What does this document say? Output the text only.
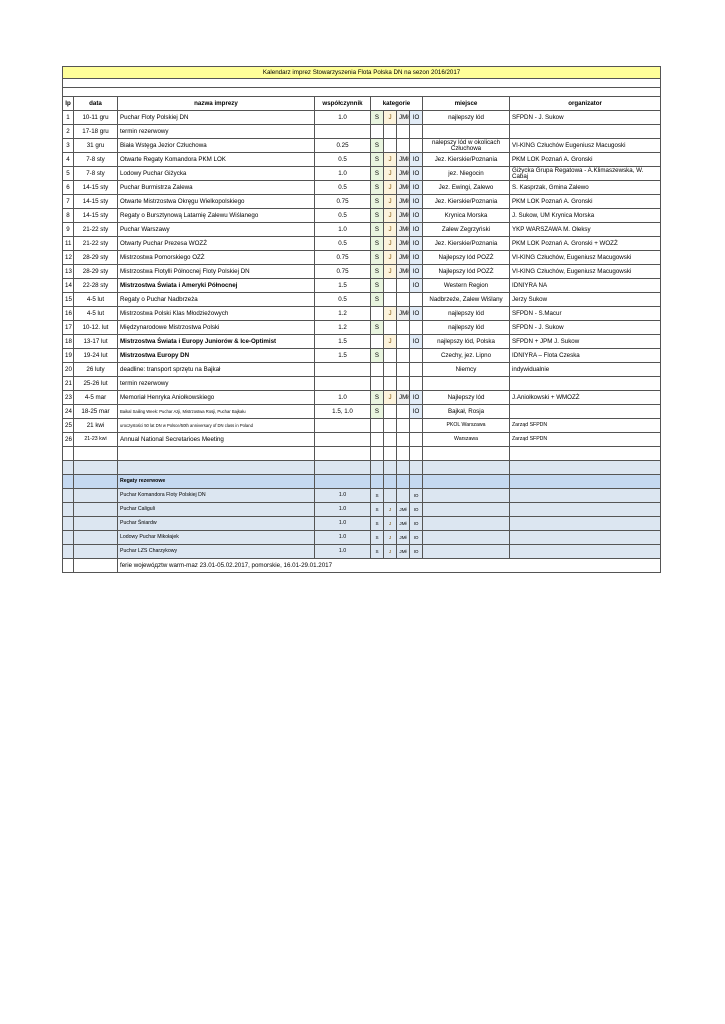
Kalendarz imprez Stowarzyszenia Flota Polska DN na sezon 2016/2017									

lp	data	nazwa imprezy	współczynnik	kategorie				miejsce	organizator
1	10-11 gru	Puchar Floty Polskiej DN	1.0	S	J	JMł	IO	najlepszy lód	SFPDN - J. Sukow
2	17-18 gru	termin rezerwowy							
3	31 gru	Biała Wstęga Jezior Człuchowa	0.25	S				nalepszy lód w okolicach Człuchowa	VI-KING Człuchów Eugeniusz Macugoski
4	7-8 sty	Otwarte Regaty Komandora PKM LOK	0.5	S	J	JMł	IO	Jez. Kierskie/Poznania	PKM LOK Poznań A. Gronski
5	7-8 sty	Lodowy Puchar Giżycka	1.0	S	J	JMł	IO	jez. Niegocin	Giżycka Grupa Regatowa - A.Klimaszewska, W. Cabaj
6	14-15 sty	Puchar Burmistrza Zalewa	0.5	S	J	JMł	IO	Jez. Ewingi, Zalewo	S. Kasprzak, Gmina Zalewo
7	14-15 sty	Otwarte Mistrzostwa Okręgu Wielkopolskiego	0.75	S	J	JMł	IO	Jez. Kierskie/Poznania	PKM LOK Poznań A. Gronski
8	14-15 sty	Regaty o Bursztynową Latarnię Zalewu Wiślanego	0.5	S	J	JMł	IO	Krynica Morska	J. Sukow, UM Krynica Morska
9	21-22 sty	Puchar Warszawy	1.0	S	J	JMł	IO	Zalew Zegrzyński	YKP WARSZAWA M. Oleksy
11	21-22 sty	Otwarty Puchar Prezesa WOZŻ	0.5	S	J	JMł	IO	Jez. Kierskie/Poznania	PKM LOK Poznań A. Gronski + WOZŻ
12	28-29 sty	Mistrzostwa Pomorskiego OZŻ	0.75	S	J	JMł	IO	Najlepszy lód POZŻ	VI-KING Człuchów, Eugeniusz Macugowski
13	28-29 sty	Mistrzostwa Flotylli Północnej Floty Polskiej DN	0.75	S	J	JMł	IO	Najlepszy lód POZŻ	VI-KING Człuchów, Eugeniusz Macugowski
14	22-28 sty	Mistrzostwa Świata i Ameryki Północnej	1.5	S			IO	Western Region	IDNIYRA NA
15	4-5 lut	Regaty o Puchar Nadbrzeża	0.5	S				Nadbrzeże, Zalew Wiślany	Jerzy Sukow
16	4-5 lut	Mistrzostwa Polski Klas Młodzieżowych	1.2		J	JMł	IO	najlepszy lód	SFPDN - S.Macur
17	10-12. lut	Międzynarodowe Mistrzostwa Polski	1.2	S				najlepszy lód	SFPDN - J. Sukow
18	13-17 lut	Mistrzostwa Świata i Europy Juniorów & Ice-Optimist	1.5		J		IO	najlepszy lód, Polska	SFPDN + JPM J. Sukow
19	19-24 lut	Mistrzostwa Europy DN	1.5	S				Czechy, jez. Lipno	IDNIYRA – Flota Czeska
20	26 luty	deadline: transport sprzętu na Bajkał						Niemcy	indywidualnie
21	25-26 lut	termin rezerwowy							
23	4-5 mar	Memoriał Henryka Aniołkowskiego	1.0	S	J	JMł	IO	Najlepszy lód	J.Aniołkowski + WMOZŻ
24	18-25 mar	Baikal Sailing Week: Puchar Azji, Mistrzostwa Rosji, Puchar Bajkału	1.5, 1.0	S			IO	Bajkał, Rosja	
25	21 kwi	uroczystości 50 lat DN w Polsce/50th anniversary of DN class in Poland						PKOL Warszawa	Zarząd SFPDN
26	21-23 kwi	Annual National Secretarioes Meeting						Warszawa	Zarząd SFPDN

		Regaty rezerwowe							
		Puchar Komandora Floty Polskiej DN	1.0	S			IO		
		Puchar Caliguli	1.0	S	J	JMł	IO		
		Puchar Śniardw	1.0	S	J	JMł	IO		
		Lodowy Puchar Mikołajek	1.0	S	J	JMł	IO		
		Puchar LZS Charzykowy	1.0	S	J	JMł	IO		
		ferie wojewóдztw warm-maz 23.01-05.02.2017, pomorskie, 16.01-29.01.2017							
